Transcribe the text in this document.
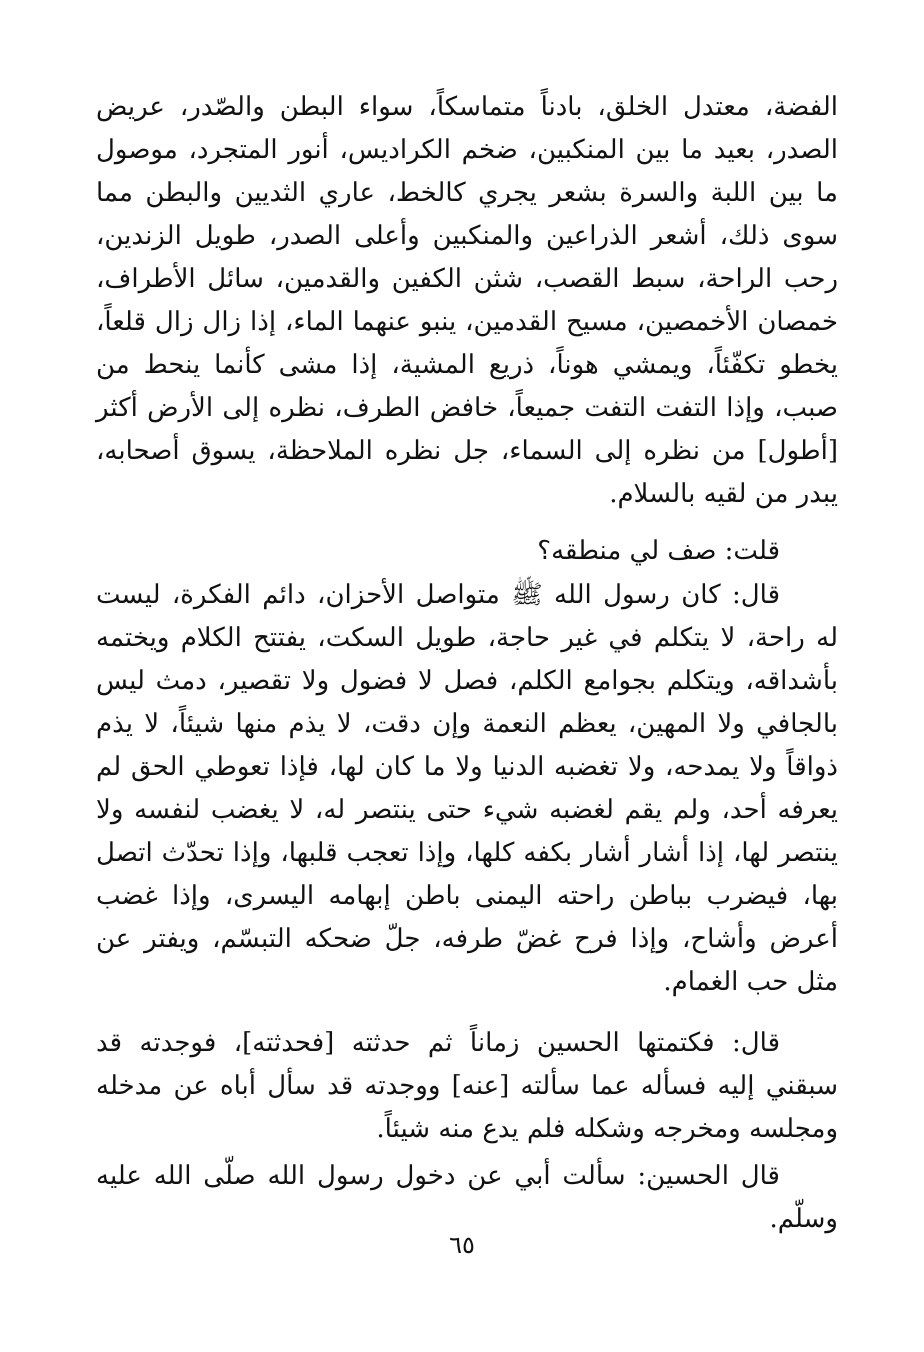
الفضة، معتدل الخلق، بادناً متماسكاً، سواء البطن والصّدر، عريض الصدر، بعيد ما بين المنكبين، ضخم الكراديس، أنور المتجرد، موصول ما بين اللبة والسرة بشعر يجري كالخط، عاري الثديين والبطن مما سوى ذلك، أشعر الذراعين والمنكبين وأعلى الصدر، طويل الزندين، رحب الراحة، سبط القصب، شثن الكفين والقدمين، سائل الأطراف، خمصان الأخمصين، مسيح القدمين، ينبو عنهما الماء، إذا زال زال قلعاً، يخطو تكفّئاً، ويمشي هوناً، ذريع المشية، إذا مشى كأنما ينحط من صبب، وإذا التفت التفت جميعاً، خافض الطرف، نظره إلى الأرض أكثر [أطول] من نظره إلى السماء، جل نظره الملاحظة، يسوق أصحابه، يبدر من لقيه بالسلام.

قلت: صف لي منطقه؟

قال: كان رسول الله ﷺ متواصل الأحزان، دائم الفكرة، ليست له راحة، لا يتكلم في غير حاجة، طويل السكت، يفتتح الكلام ويختمه بأشداقه، ويتكلم بجوامع الكلم، فصل لا فضول ولا تقصير، دمث ليس بالجافي ولا المهين، يعظم النعمة وإن دقت، لا يذم منها شيئاً، لا يذم ذواقاً ولا يمدحه، ولا تغضبه الدنيا ولا ما كان لها، فإذا تعوطي الحق لم يعرفه أحد، ولم يقم لغضبه شيء حتى ينتصر له، لا يغضب لنفسه ولا ينتصر لها، إذا أشار أشار بكفه كلها، وإذا تعجب قلبها، وإذا تحدّث اتصل بها، فيضرب بباطن راحته اليمنى باطن إبهامه اليسرى، وإذا غضب أعرض وأشاح، وإذا فرح غضّ طرفه، جلّ ضحكه التبسّم، ويفتر عن مثل حب الغمام.

قال: فكتمتها الحسين زماناً ثم حدثته [فحدثته]، فوجدته قد سبقني إليه فسأله عما سألته [عنه] ووجدته قد سأل أباه عن مدخله ومجلسه ومخرجه وشكله فلم يدع منه شيئاً.

قال الحسين: سألت أبي عن دخول رسول الله صلّى الله عليه وسلّم.

٦٥
